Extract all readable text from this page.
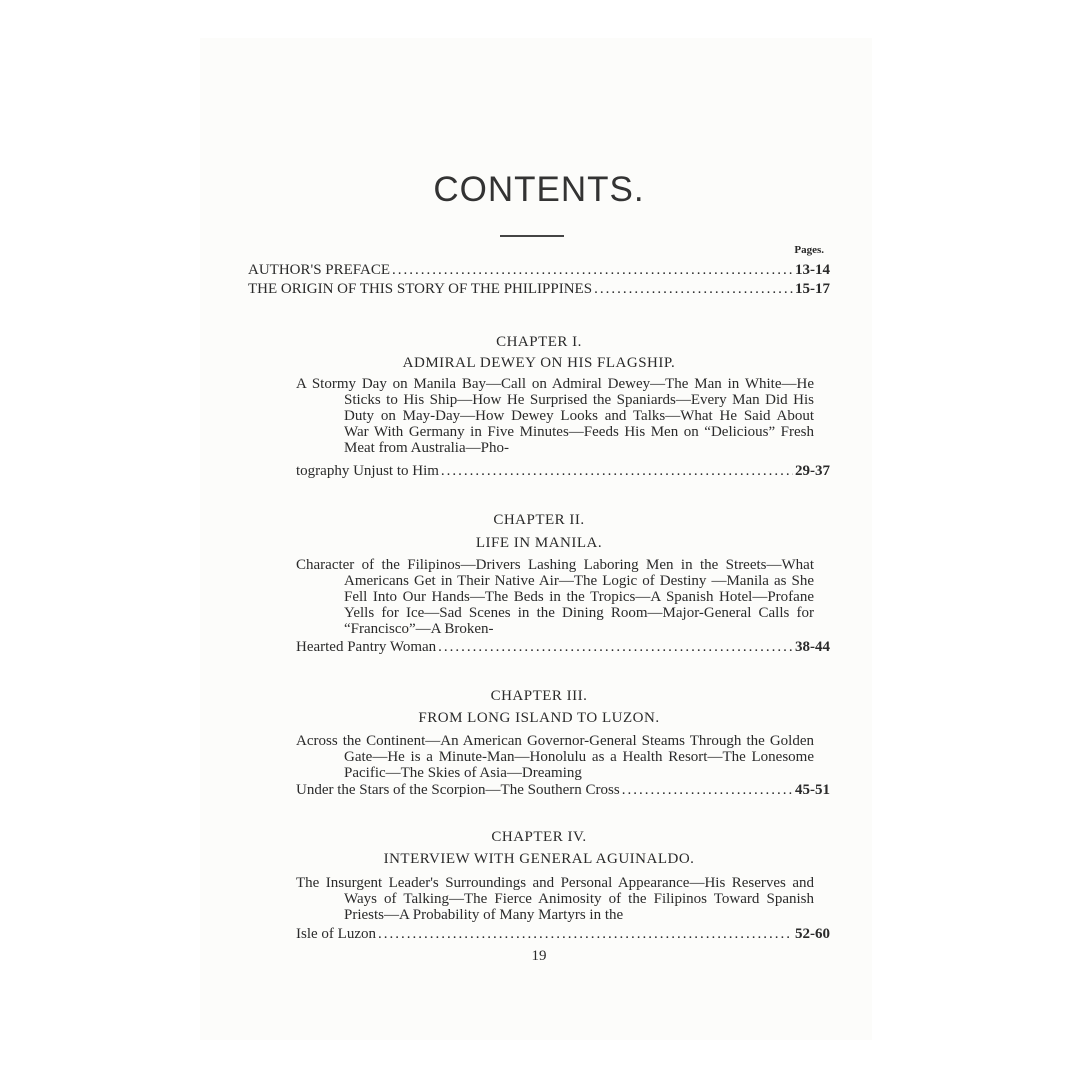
CONTENTS.
Pages.
AUTHOR'S PREFACE .....	13-14
THE ORIGIN OF THIS STORY OF THE PHILIPPINES .....	15-17
CHAPTER I.
ADMIRAL DEWEY ON HIS FLAGSHIP.
A Stormy Day on Manila Bay—Call on Admiral Dewey—The Man in White—He Sticks to His Ship—How He Surprised the Spaniards—Every Man Did His Duty on May-Day—How Dewey Looks and Talks—What He Said About War With Germany in Five Minutes—Feeds His Men on “Delicious” Fresh Meat from Australia—Pho-
tography Unjust to Him .....	29-37
CHAPTER II.
LIFE IN MANILA.
Character of the Filipinos—Drivers Lashing Laboring Men in the Streets—What Americans Get in Their Native Air—The Logic of Destiny —Manila as She Fell Into Our Hands—The Beds in the Tropics—A Spanish Hotel—Profane Yells for Ice—Sad Scenes in the Dining Room—Major-General Calls for “Francisco”—A Broken-
Hearted Pantry Woman .....	38-44
CHAPTER III.
FROM LONG ISLAND TO LUZON.
Across the Continent—An American Governor-General Steams Through the Golden Gate—He is a Minute-Man—Honolulu as a Health Resort—The Lonesome Pacific—The Skies of Asia—Dreaming
Under the Stars of the Scorpion—The Southern Cross .....	45-51
CHAPTER IV.
INTERVIEW WITH GENERAL AGUINALDO.
The Insurgent Leader's Surroundings and Personal Appearance—His Reserves and Ways of Talking—The Fierce Animosity of the Filipinos Toward Spanish Priests—A Probability of Many Martyrs in the
Isle of Luzon .....	52-60
19
